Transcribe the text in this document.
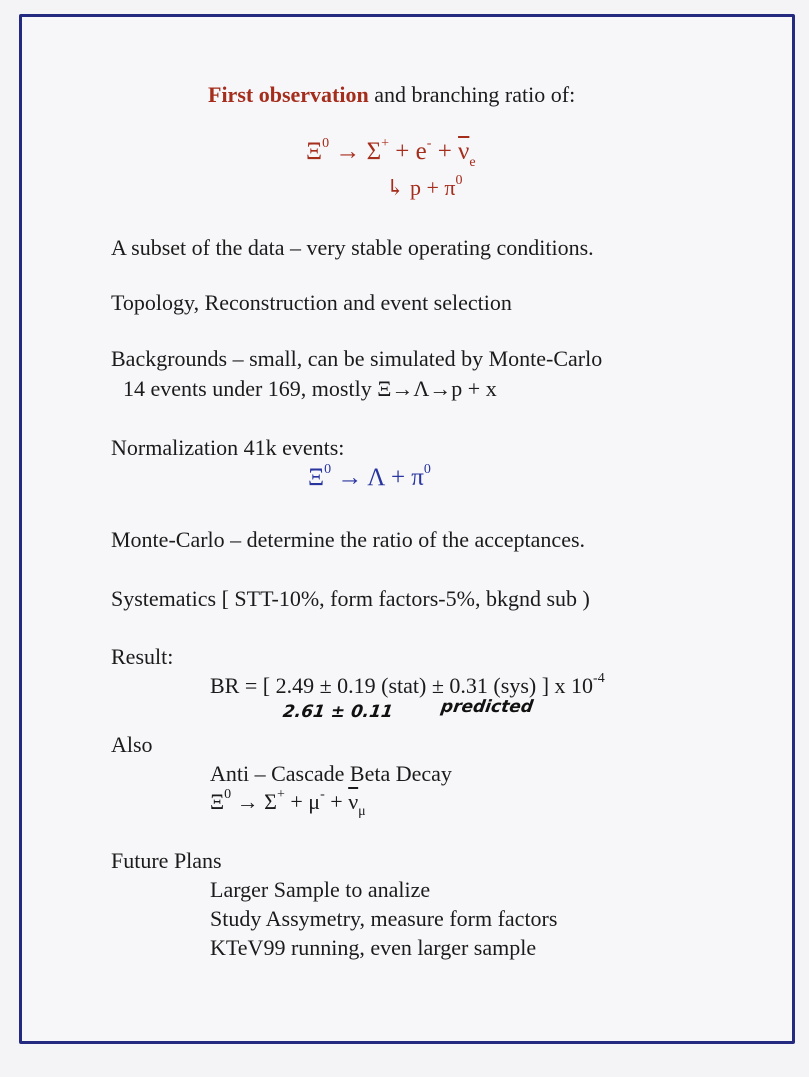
First observation and branching ratio of:
$\Xi^0 \to \Sigma^+ + e^- + \overline{\nu}_e$
↳ $p + \pi^0$
A subset of the data – very stable operating conditions.
Topology, Reconstruction and event selection
Backgrounds – small, can be simulated by Monte-Carlo
14 events under 169, mostly Ξ→Λ→p + x
Normalization 41k events:
$\Xi^0 \to \Lambda + \pi^0$
Monte-Carlo – determine the ratio of the acceptances.
Systematics [ STT-10%, form factors-5%, bkgnd sub )
Result:
BR = [ 2.49 ± 0.19 (stat) ± 0.31 (sys) ] x $10^{-4}$
2.61 ± 0.11	predicted
Also
Anti – Cascade Beta Decay
$\Xi^0 \to \Sigma^+ + \mu^- + \overline{\nu}_\mu$
Future Plans
Larger Sample to analize
Study Assymetry, measure form factors
KTeV99 running, even larger sample
